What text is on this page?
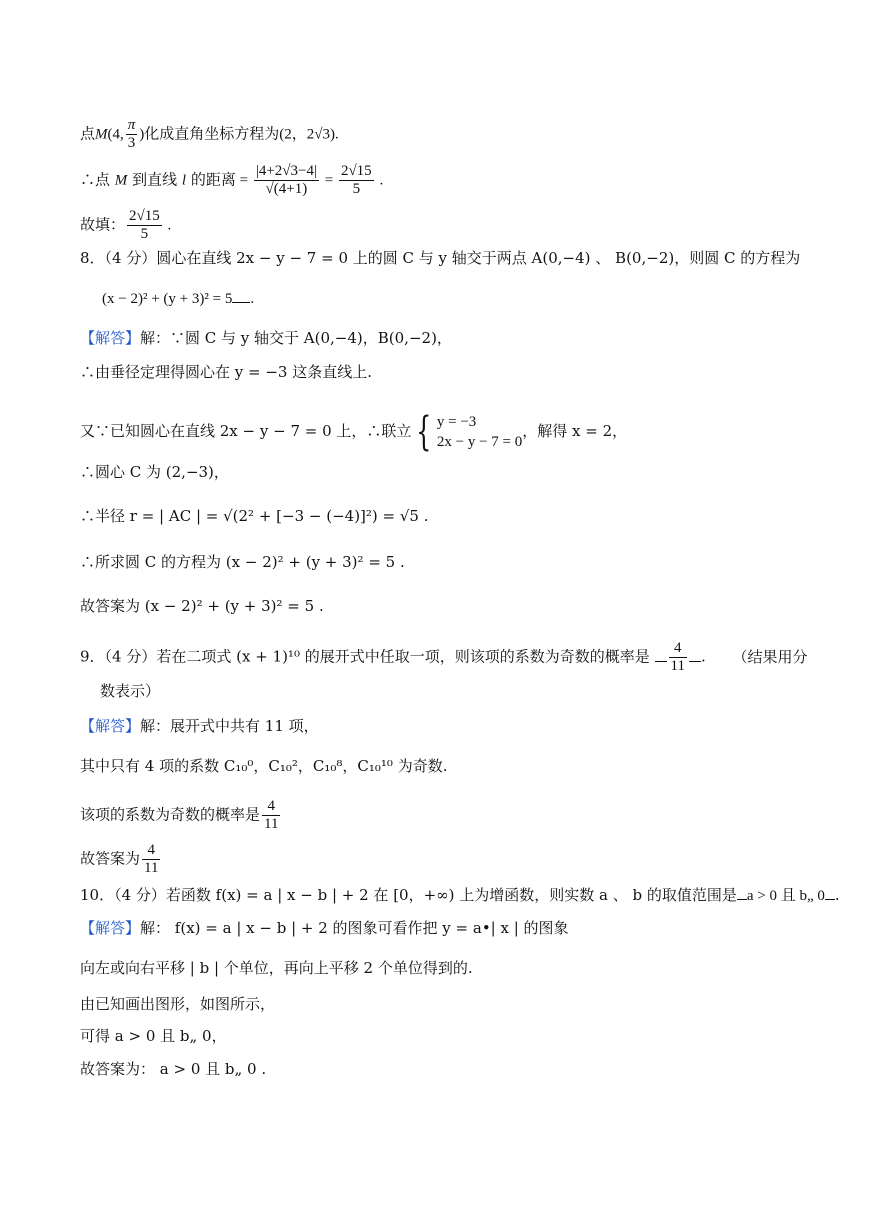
点M(4, $\frac{\pi}{3}$ )化成直角坐标方程为(2，2√3).
∴点 M 到直线 l 的距离 = $\frac{|4+2√3-4|}{√(4+1)} = \frac{2√15}{5}$ .
故填： $\frac{2√15}{5}$ .
8．（4 分）圆心在直线 2x − y − 7 = 0 上的圆 C 与 y 轴交于两点 A(0,−4) 、 B(0,−2)，则圆 C 的方程为
(x − 2)² + (y + 3)² = 5 .
【解答】解：∵圆 C 与 y 轴交于 A(0,−4)，B(0,−2)，
∴由垂径定理得圆心在 y = −3 这条直线上.
又∵已知圆心在直线 2x − y − 7 = 0 上，∴联立 { y = −3
2x − y − 7 = 0，解得 x = 2，
∴圆心 C 为 (2,−3)，
∴半径 r = | AC | = √(2² + [−3 − (−4)]²) = √5 .
∴所求圆 C 的方程为 (x − 2)² + (y + 3)² = 5 .
故答案为 (x − 2)² + (y + 3)² = 5 .
9．（4 分）若在二项式 (x + 1)¹⁰ 的展开式中任取一项，则该项的系数为奇数的概率是 $\frac{4}{11}$ . （结果用分
数表示）
【解答】解：展开式中共有 11 项，
其中只有 4 项的系数 C₁₀⁰，C₁₀²，C₁₀⁸，C₁₀¹⁰ 为奇数.
该项的系数为奇数的概率是 $\frac{4}{11}$
故答案为 $\frac{4}{11}$
10．（4 分）若函数 f(x) = a | x − b | + 2 在 [0，+∞) 上为增函数，则实数 a 、 b 的取值范围是 a > 0 且 b„ 0 .
【解答】解： f(x) = a | x − b | + 2 的图象可看作把 y = a•| x | 的图象
向左或向右平移 | b | 个单位，再向上平移 2 个单位得到的.
由已知画出图形，如图所示，
可得 a > 0 且 b„ 0，
故答案为： a > 0 且 b„ 0 .
